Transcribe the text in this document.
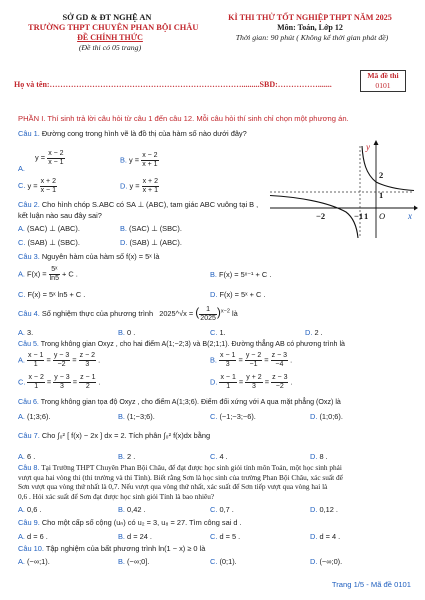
SỞ GD & ĐT NGHỆ AN
TRƯỜNG THPT CHUYÊN PHAN BỘI CHÂU
ĐỀ CHÍNH THỨC
(Đề thi có 05 trang)
KÌ THI THỬ TỐT NGHIỆP THPT NĂM 2025
Môn: Toán, Lớp 12
Thời gian: 90 phút ( Không kể thời gian phát đề)
Họ và tên:……………………………………………………………….........SBD:…………….......
Mã đề thi
0101
PHẦN I. Thí sinh trả lời câu hỏi từ câu 1 đến câu 12. Mỗi câu hỏi thí sinh chỉ chọn một phương án.
Câu 1. Đường cong trong hình vẽ là đồ thị của hàm số nào dưới đây?
A. $y = \frac{x - 2}{x - 1}$	B. $y = \frac{x - 2}{x + 1}$
C. $y = \frac{x + 2}{x - 1}$	D. $y = \frac{x + 2}{x + 1}$
y
x
O
2
1
−2	−1 1
Câu 2. Cho hình chóp S.ABC có SA ⊥ (ABC), tam giác ABC vuông tại B ,
kết luận nào sau đây sai?
A. (SAC) ⊥ (ABC).	B. (SAC) ⊥ (SBC).
C. (SAB) ⊥ (SBC).	D. (SAB) ⊥ (ABC).
Câu 3. Nguyên hàm của hàm số f(x) = 5ˣ là
A. $F(x) = \frac{\text{5ˣ}}{\ln 5} + C$ .	B. F(x) = 5ˣ⁻¹ + C .
C. F(x) = 5ˣ ln5 + C .	D. F(x) = 5ˣ + C .
Câu 4. Số nghiệm thực của phương trình 2025^√x = ( $\frac{1}{2025} )^{x-2}$ là
A. 3.	B. 0 .	C. 1.	D. 2 .
Câu 5. Trong không gian Oxyz , cho hai điểm A(1;−2;3) và B(2;1;1). Đường thẳng AB có phương trình là
A. $\frac{x - 1}{1} = \frac{y - 3}{-2} = \frac{z - 2}{3}$ .	B. $\frac{x - 1}{3} = \frac{y - 2}{-1} = \frac{z - 3}{-4}$ .
C. $\frac{x - 2}{1} = \frac{y - 3}{3} = \frac{z - 1}{2}$ .	D. $\frac{x - 1}{1} = \frac{y + 2}{3} = \frac{z - 3}{-2}$ .
Câu 6. Trong không gian tọa độ Oxyz , cho điểm A(1;3;6). Điểm đối xứng với A qua mặt phẳng (Oxz) là
A. (1;3;6).	B. (1;−3;6).	C. (−1;−3;−6).	D. (1;0;6).
Câu 7. Cho ∫₀² [ f(x) − 2x ] dx = 2. Tích phân ∫₀² f(x)dx bằng
A. 6 .	B. 2 .	C. 4 .	D. 8 .
Câu 8. Tại Trường THPT Chuyên Phan Bội Châu, để đạt được học sinh giỏi tỉnh môn Toán, một học sinh phải
vượt qua hai vòng thi (thi trường và thi Tỉnh). Biết rằng Sơn là học sinh của trường Phan Bội Châu, xác suất để
Sơn vượt qua vòng thứ nhất là 0,7. Nếu vượt qua vòng thứ nhất, xác suất để Sơn tiếp vượt qua vòng hai là
0,6 . Hỏi xác suất để Sơn đạt được học sinh giỏi Tỉnh là bao nhiêu?
A. 0,6 .	B. 0,42 .	C. 0,7 .	D. 0,12 .
Câu 9. Cho một cấp số cộng (uₙ) có u₂ = 3, u₈ = 27. Tìm công sai d .
A. d = 6 .	B. d = 24 .	C. d = 5 .	D. d = 4 .
Câu 10. Tập nghiệm của bất phương trình ln(1 − x) ≥ 0 là
A. (−∞;1).	B. (−∞;0].	C. (0;1).	D. (−∞;0).
Trang 1/5 - Mã đề 0101
